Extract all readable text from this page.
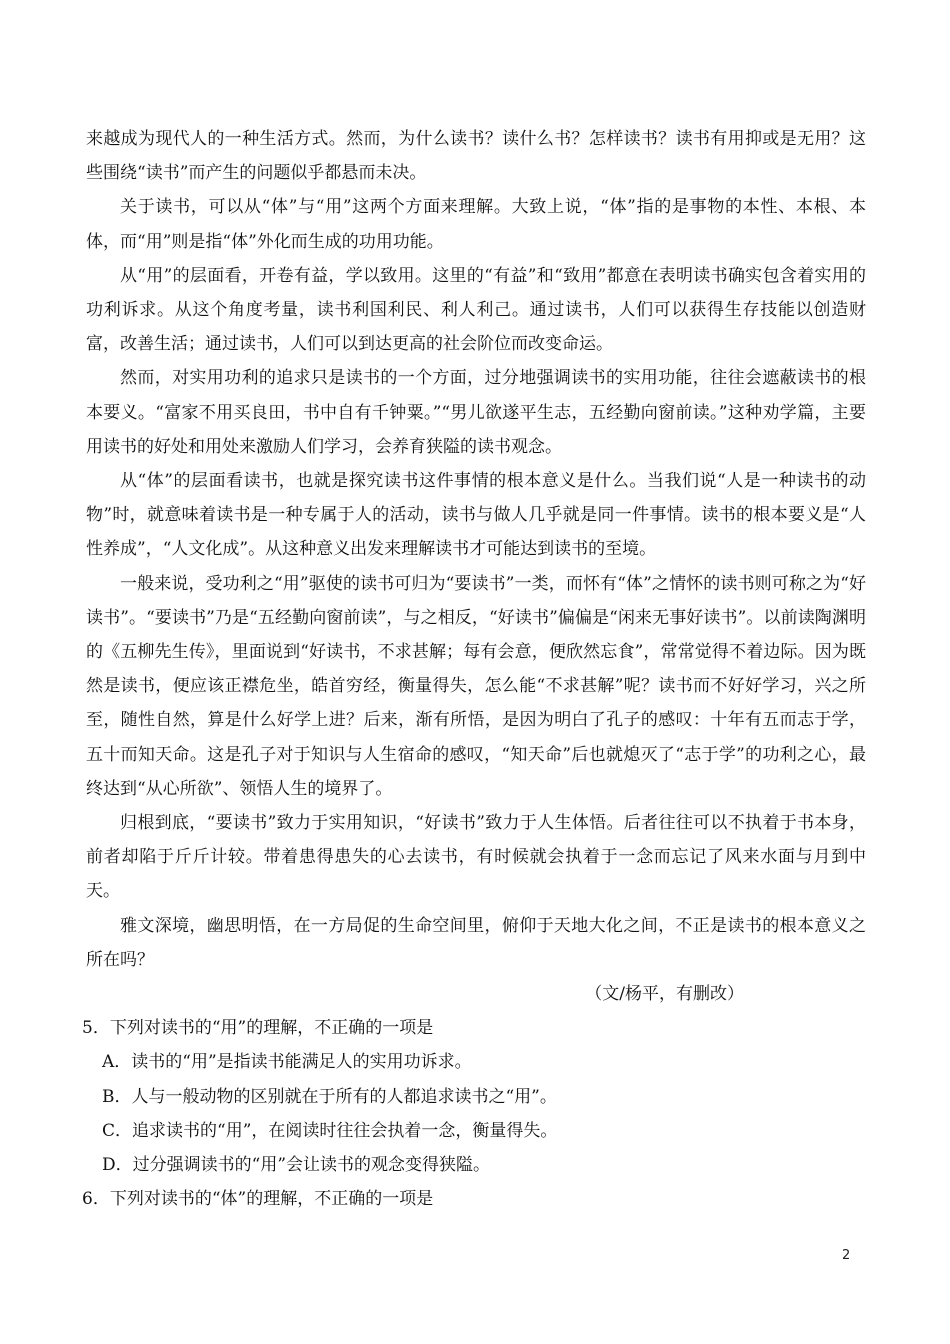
来越成为现代人的一种生活方式。然而，为什么读书？读什么书？怎样读书？读书有用抑或是无用？这些围绕“读书”而产生的问题似乎都悬而未决。

关于读书，可以从“体”与“用”这两个方面来理解。大致上说，“体”指的是事物的本性、本根、本体，而“用”则是指“体”外化而生成的功用功能。

从“用”的层面看，开卷有益，学以致用。这里的“有益”和“致用”都意在表明读书确实包含着实用的功利诉求。从这个角度考量，读书利国利民、利人利己。通过读书，人们可以获得生存技能以创造财富，改善生活；通过读书，人们可以到达更高的社会阶位而改变命运。

然而，对实用功利的追求只是读书的一个方面，过分地强调读书的实用功能，往往会遮蔽读书的根本要义。“富家不用买良田，书中自有千钟粟。”“男儿欲遂平生志，五经勤向窗前读。”这种劝学篇，主要用读书的好处和用处来激励人们学习，会养育狭隘的读书观念。

从“体”的层面看读书，也就是探究读书这件事情的根本意义是什么。当我们说“人是一种读书的动物”时，就意味着读书是一种专属于人的活动，读书与做人几乎就是同一件事情。读书的根本要义是“人性养成”，“人文化成”。从这种意义出发来理解读书才可能达到读书的至境。

一般来说，受功利之“用”驱使的读书可归为“要读书”一类，而怀有“体”之情怀的读书则可称之为“好读书”。“要读书”乃是“五经勤向窗前读”，与之相反，“好读书”偏偏是“闲来无事好读书”。以前读陶渊明的《五柳先生传》，里面说到“好读书，不求甚解；每有会意，便欣然忘食”，常常觉得不着边际。因为既然是读书，便应该正襟危坐，皓首穷经，衡量得失，怎么能“不求甚解”呢？读书而不好好学习，兴之所至，随性自然，算是什么好学上进？后来，渐有所悟，是因为明白了孔子的感叹：十年有五而志于学，五十而知天命。这是孔子对于知识与人生宿命的感叹，“知天命”后也就熄灭了“志于学”的功利之心，最终达到“从心所欲”、领悟人生的境界了。

归根到底，“要读书”致力于实用知识，“好读书”致力于人生体悟。后者往往可以不执着于书本身，前者却陷于斤斤计较。带着患得患失的心去读书，有时候就会执着于一念而忘记了风来水面与月到中天。

雅文深境，幽思明悟，在一方局促的生命空间里，俯仰于天地大化之间，不正是读书的根本意义之所在吗？

（文/杨平，有删改）

5．下列对读书的“用”的理解，不正确的一项是

A．读书的“用”是指读书能满足人的实用功诉求。

B．人与一般动物的区别就在于所有的人都追求读书之“用”。

C．追求读书的“用”，在阅读时往往会执着一念，衡量得失。

D．过分强调读书的“用”会让读书的观念变得狭隘。

6．下列对读书的“体”的理解，不正确的一项是

2
